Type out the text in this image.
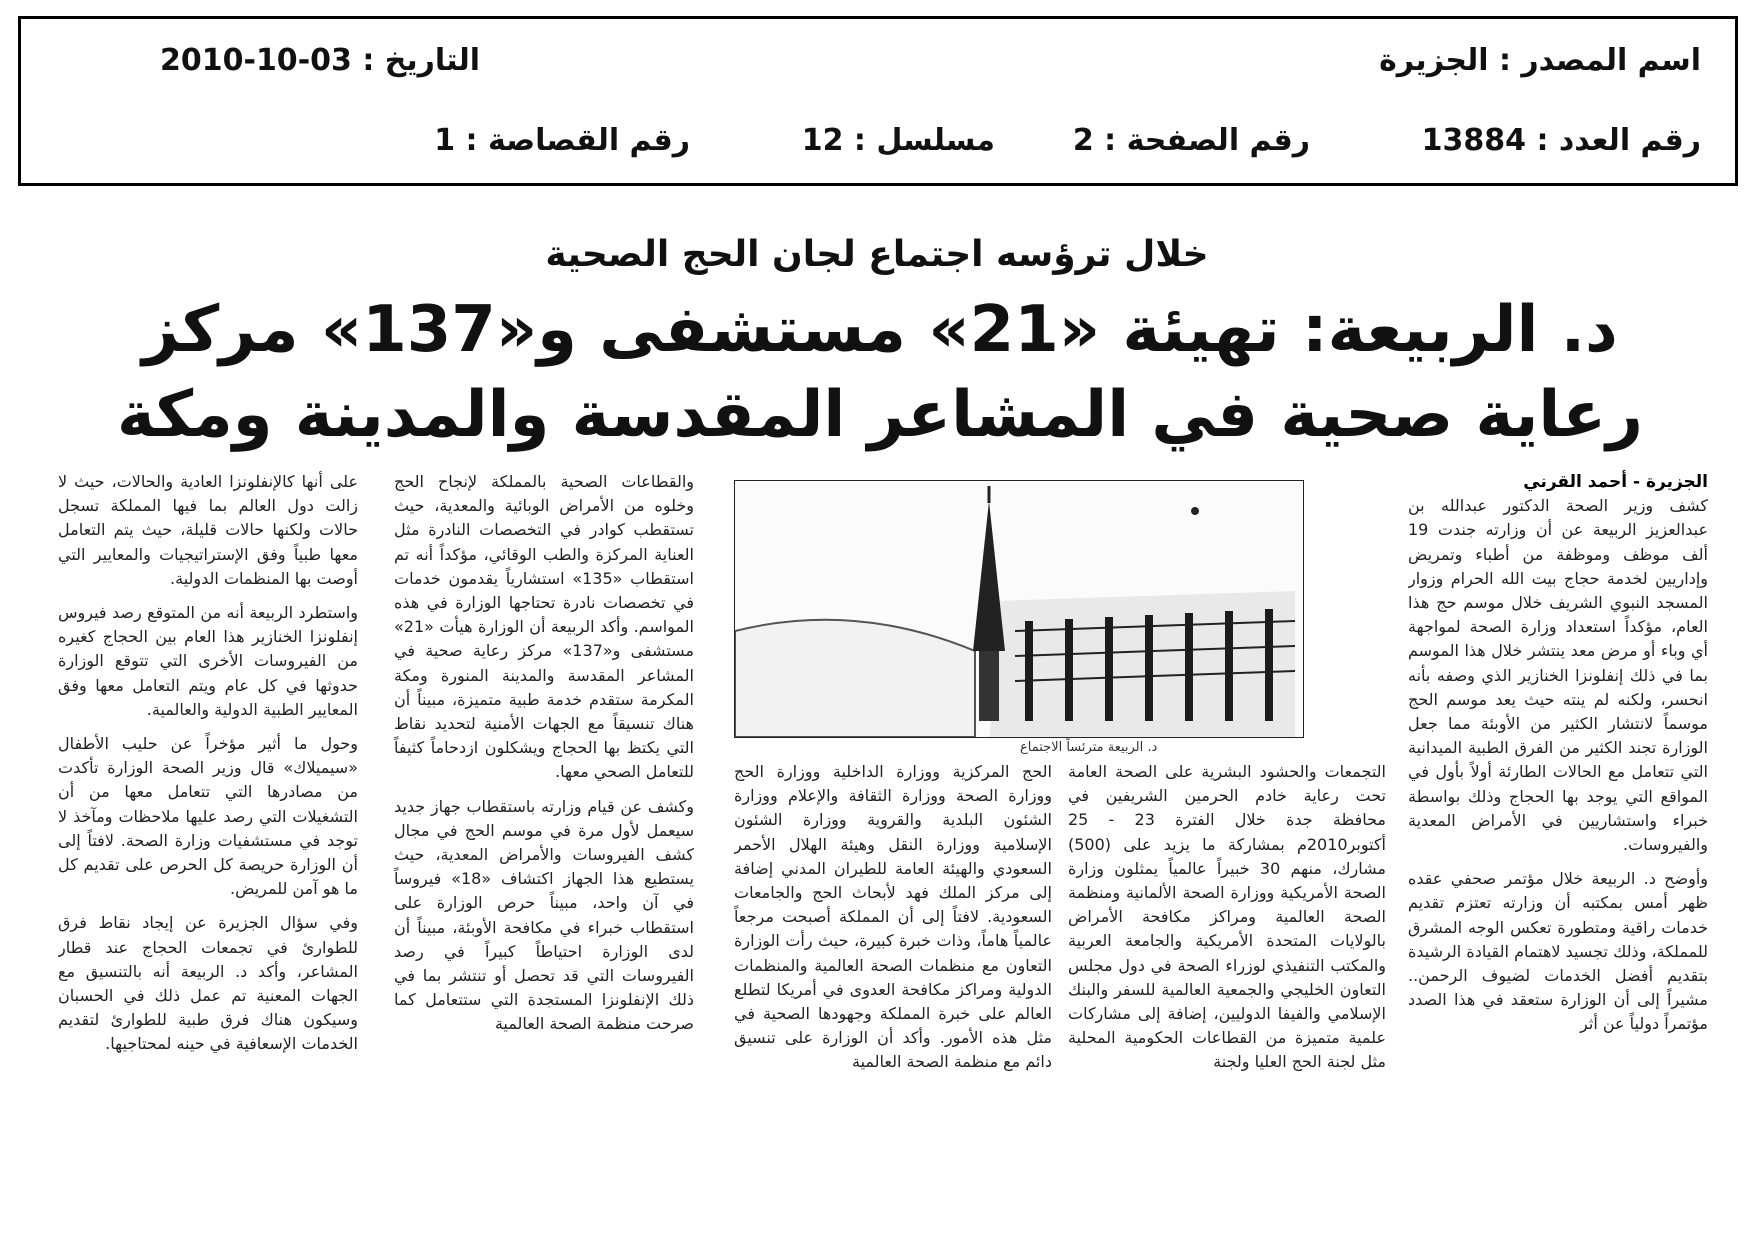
اسم المصدر : الجزيرة
التاريخ : 03-10-2010
رقم العدد : 13884
رقم الصفحة : 2
مسلسل : 12
رقم القصاصة : 1
خلال ترؤسه اجتماع لجان الحج الصحية
د. الربيعة: تهيئة «21» مستشفى و«137» مركز
رعاية صحية في المشاعر المقدسة والمدينة ومكة

الجزيرة - أحمد القرني

كشف وزير الصحة الدكتور عبدالله بن عبدالعزيز الربيعة عن أن وزارته جندت 19 ألف موظف وموظفة من أطباء وتمريض وإداريين لخدمة حجاج بيت الله الحرام وزوار المسجد النبوي الشريف خلال موسم حج هذا العام، مؤكداً استعداد وزارة الصحة لمواجهة أي وباء أو مرض معد ينتشر خلال هذا الموسم بما في ذلك إنفلونزا الخنازير الذي وصفه بأنه انحسر، ولكنه لم ينته حيث يعد موسم الحج موسماً لانتشار الكثير من الأوبئة مما جعل الوزارة تجند الكثير من الفرق الطبية الميدانية التي تتعامل مع الحالات الطارئة أولاً بأول في المواقع التي يوجد بها الحجاج وذلك بواسطة خبراء واستشاريين في الأمراض المعدية والفيروسات.

وأوضح د. الربيعة خلال مؤتمر صحفي عقده ظهر أمس بمكتبه أن وزارته تعتزم تقديم خدمات راقية ومتطورة تعكس الوجه المشرق للمملكة، وذلك تجسيد لاهتمام القيادة الرشيدة بتقديم أفضل الخدمات لضيوف الرحمن.. مشيراً إلى أن الوزارة ستعقد في هذا الصدد مؤتمراً دولياً عن أثر

د. الربيعة مترئساً الاجتماع

التجمعات والحشود البشرية على الصحة العامة تحت رعاية خادم الحرمين الشريفين في محافظة جدة خلال الفترة 23 - 25 أكتوبر2010م بمشاركة ما يزيد على (500) مشارك، منهم 30 خبيراً عالمياً يمثلون وزارة الصحة الأمريكية ووزارة الصحة الألمانية ومنظمة الصحة العالمية ومراكز مكافحة الأمراض بالولايات المتحدة الأمريكية والجامعة العربية والمكتب التنفيذي لوزراء الصحة في دول مجلس التعاون الخليجي والجمعية العالمية للسفر والبنك الإسلامي والفيفا الدوليين، إضافة إلى مشاركات علمية متميزة من القطاعات الحكومية المحلية مثل لجنة الحج العليا ولجنة

الحج المركزية ووزارة الداخلية ووزارة الحج ووزارة الصحة ووزارة الثقافة والإعلام ووزارة الشئون البلدية والقروية ووزارة الشئون الإسلامية ووزارة النقل وهيئة الهلال الأحمر السعودي والهيئة العامة للطيران المدني إضافة إلى مركز الملك فهد لأبحاث الحج والجامعات السعودية. لافتاً إلى أن المملكة أصبحت مرجعاً عالمياً هاماً، وذات خبرة كبيرة، حيث رأت الوزارة التعاون مع منظمات الصحة العالمية والمنظمات الدولية ومراكز مكافحة العدوى في أمريكا لتطلع العالم على خبرة المملكة وجهودها الصحية في مثل هذه الأمور. وأكد أن الوزارة على تنسيق دائم مع منظمة الصحة العالمية

والقطاعات الصحية بالمملكة لإنجاح الحج وخلوه من الأمراض الوبائية والمعدية، حيث تستقطب كوادر في التخصصات النادرة مثل العناية المركزة والطب الوقائي، مؤكداً أنه تم استقطاب «135» استشارياً يقدمون خدمات في تخصصات نادرة تحتاجها الوزارة في هذه المواسم. وأكد الربيعة أن الوزارة هيأت «21» مستشفى و«137» مركز رعاية صحية في المشاعر المقدسة والمدينة المنورة ومكة المكرمة ستقدم خدمة طبية متميزة، مبيناً أن هناك تنسيقاً مع الجهات الأمنية لتحديد نقاط التي يكتظ بها الحجاج ويشكلون ازدحاماً كثيفاً للتعامل الصحي معها.

وكشف عن قيام وزارته باستقطاب جهاز جديد سيعمل لأول مرة في موسم الحج في مجال كشف الفيروسات والأمراض المعدية، حيث يستطيع هذا الجهاز اكتشاف «18» فيروساً في آن واحد، مبيناً حرص الوزارة على استقطاب خبراء في مكافحة الأوبئة، مبيناً أن لدى الوزارة احتياطاً كبيراً في رصد الفيروسات التي قد تحصل أو تنتشر بما في ذلك الإنفلونزا المستجدة التي ستتعامل كما صرحت منظمة الصحة العالمية

على أنها كالإنفلونزا العادية والحالات، حيث لا زالت دول العالم بما فيها المملكة تسجل حالات ولكنها حالات قليلة، حيث يتم التعامل معها طبياً وفق الإستراتيجيات والمعايير التي أوصت بها المنظمات الدولية.

واستطرد الربيعة أنه من المتوقع رصد فيروس إنفلونزا الخنازير هذا العام بين الحجاج كغيره من الفيروسات الأخرى التي تتوقع الوزارة حدوثها في كل عام ويتم التعامل معها وفق المعايير الطبية الدولية والعالمية.

وحول ما أثير مؤخراً عن حليب الأطفال «سيميلاك» قال وزير الصحة الوزارة تأكدت من مصادرها التي تتعامل معها من أن التشغيلات التي رصد عليها ملاحظات ومآخذ لا توجد في مستشفيات وزارة الصحة. لافتاً إلى أن الوزارة حريصة كل الحرص على تقديم كل ما هو آمن للمريض.

وفي سؤال الجزيرة عن إيجاد نقاط فرق للطوارئ في تجمعات الحجاج عند قطار المشاعر، وأكد د. الربيعة أنه بالتنسيق مع الجهات المعنية تم عمل ذلك في الحسبان وسيكون هناك فرق طبية للطوارئ لتقديم الخدمات الإسعافية في حينه لمحتاجيها.
